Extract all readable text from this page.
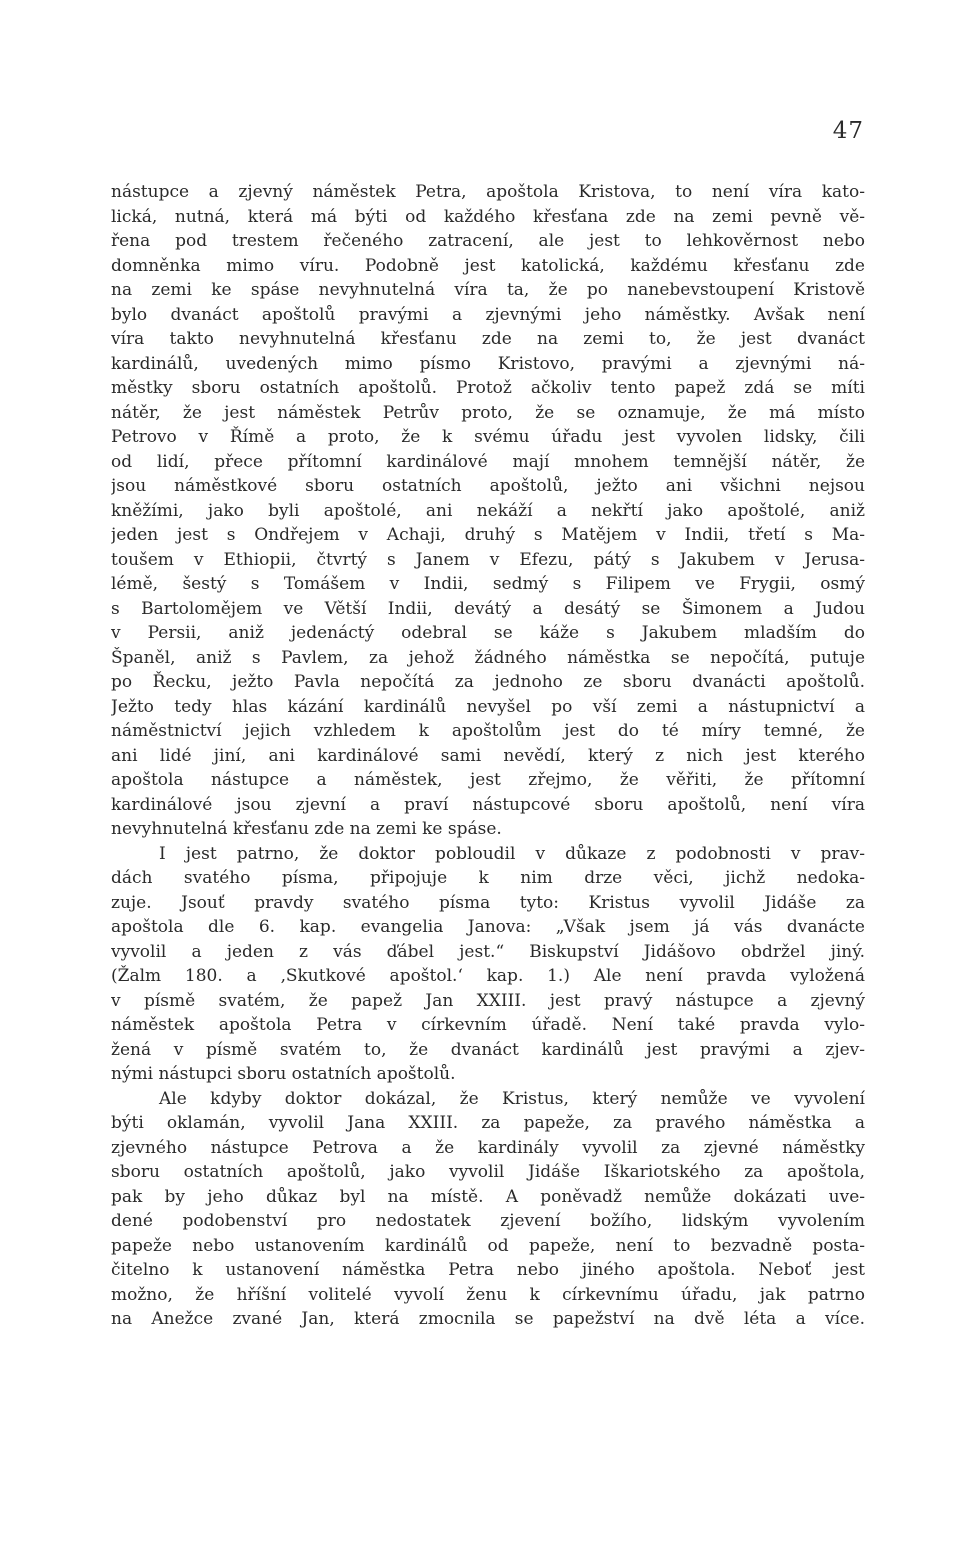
47
nástupce a zjevný náměstek Petra, apoštola Kristova, to není víra kato-
lická, nutná, která má býti od každého křesťana zde na zemi pevně vě-
řena pod trestem řečeného zatracení, ale jest to lehkověrnost nebo
domněnka mimo víru. Podobně jest katolická, každému křesťanu zde
na zemi ke spáse nevyhnutelná víra ta, že po nanebevstoupení Kristově
bylo dvanáct apoštolů pravými a zjevnými jeho náměstky. Avšak není
víra takto nevyhnutelná křesťanu zde na zemi to, že jest dvanáct
kardinálů, uvedených mimo písmo Kristovo, pravými a zjevnými ná-
městky sboru ostatních apoštolů. Protož ačkoliv tento papež zdá se míti
nátěr, že jest náměstek Petrův proto, že se oznamuje, že má místo
Petrovo v Římě a proto, že k svému úřadu jest vyvolen lidsky, čili
od lidí, přece přítomní kardinálové mají mnohem temnější nátěr, že
jsou náměstkové sboru ostatních apoštolů, ježto ani všichni nejsou
kněžími, jako byli apoštolé, ani nekáží a nekřtí jako apoštolé, aniž
jeden jest s Ondřejem v Achaji, druhý s Matějem v Indii, třetí s Ma-
toušem v Ethiopii, čtvrtý s Janem v Efezu, pátý s Jakubem v Jerusa-
lémě, šestý s Tomášem v Indii, sedmý s Filipem ve Frygii, osmý
s Bartolomějem ve Větší Indii, devátý a desátý se Šimonem a Judou
v Persii, aniž jedenáctý odebral se káže s Jakubem mladším do
Španěl, aniž s Pavlem, za jehož žádného náměstka se nepočítá, putuje
po Řecku, ježto Pavla nepočítá za jednoho ze sboru dvanácti apoštolů.
Ježto tedy hlas kázání kardinálů nevyšel po vší zemi a nástupnictví a
náměstnictví jejich vzhledem k apoštolům jest do té míry temné, že
ani lidé jiní, ani kardinálové sami nevědí, který z nich jest kterého
apoštola nástupce a náměstek, jest zřejmo, že věřiti, že přítomní
kardinálové jsou zjevní a praví nástupcové sboru apoštolů, není víra
nevyhnutelná křesťanu zde na zemi ke spáse.
I jest patrno, že doktor pobloudil v důkaze z podobnosti v prav-
dách svatého písma, připojuje k nim drze věci, jichž nedoka-
zuje. Jsouť pravdy svatého písma tyto: Kristus vyvolil Jidáše za
apoštola dle 6. kap. evangelia Janova: „Však jsem já vás dvanácte
vyvolil a jeden z vás ďábel jest.“ Biskupství Jidášovo obdržel jiný.
(Žalm 180. a ‚Skutkové apoštol.‘ kap. 1.) Ale není pravda vyložená
v písmě svatém, že papež Jan XXIII. jest pravý nástupce a zjevný
náměstek apoštola Petra v církevním úřadě. Není také pravda vylo-
žená v písmě svatém to, že dvanáct kardinálů jest pravými a zjev-
nými nástupci sboru ostatních apoštolů.
Ale kdyby doktor dokázal, že Kristus, který nemůže ve vyvolení
býti oklamán, vyvolil Jana XXIII. za papeže, za pravého náměstka a
zjevného nástupce Petrova a že kardinály vyvolil za zjevné náměstky
sboru ostatních apoštolů, jako vyvolil Jidáše Iškariotského za apoštola,
pak by jeho důkaz byl na místě. A poněvadž nemůže dokázati uve-
dené podobenství pro nedostatek zjevení božího, lidským vyvolením
papeže nebo ustanovením kardinálů od papeže, není to bezvadně posta-
čitelno k ustanovení náměstka Petra nebo jiného apoštola. Neboť jest
možno, že hříšní volitelé vyvolí ženu k církevnímu úřadu, jak patrno
na Anežce zvané Jan, která zmocnila se papežství na dvě léta a více.
